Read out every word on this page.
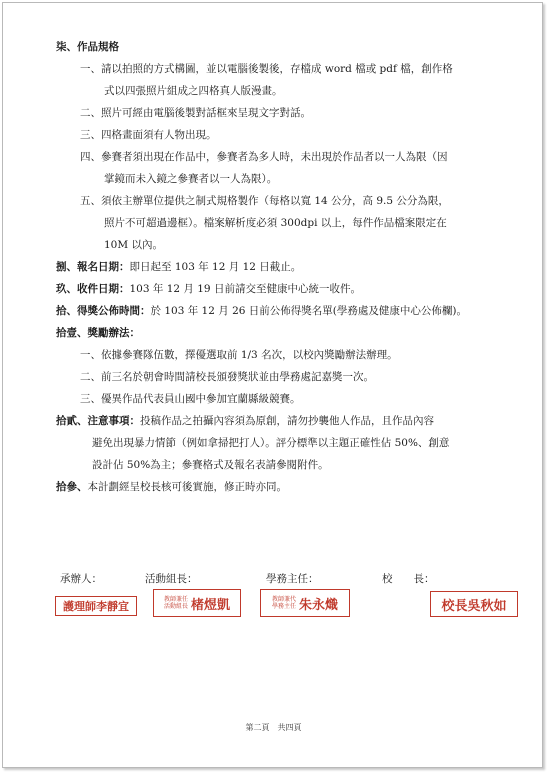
柒、作品規格
一、請以拍照的方式構圖，並以電腦後製後，存檔成 word 檔或 pdf 檔，創作格
式以四張照片組成之四格真人版漫畫。
二、照片可經由電腦後製對話框來呈現文字對話。
三、四格畫面須有人物出現。
四、參賽者須出現在作品中，參賽者為多人時，未出現於作品者以一人為限（因
掌鏡而未入鏡之參賽者以一人為限）。
五、須依主辦單位提供之制式規格製作（每格以寬 14 公分，高 9.5 公分為限，
照片不可超過邊框）。檔案解析度必須 300dpi 以上，每件作品檔案限定在
10M 以內。
捌、報名日期：即日起至 103 年 12 月 12 日截止。
玖、收件日期：103 年 12 月 19 日前請交至健康中心統一收件。
拾、得獎公佈時間：於 103 年 12 月 26 日前公佈得獎名單(學務處及健康中心公佈欄)。
拾壹、獎勵辦法：
一、依據參賽隊伍數，擇優選取前 1/3 名次，以校內獎勵辦法辦理。
二、前三名於朝會時間請校長頒發獎狀並由學務處記嘉獎一次。
三、優異作品代表員山國中參加宜蘭縣級競賽。
拾貳、注意事項：投稿作品之拍攝內容須為原創，請勿抄襲他人作品，且作品內容
避免出現暴力情節（例如拿掃把打人）。評分標準以主題正確性佔 50%、創意
設計佔 50%為主；參賽格式及報名表請參閱附件。
拾參、本計劃經呈校長核可後實施，修正時亦同。
承辦人：	活動組長：	學務主任：	校　　長：
護理師李靜宜
教師兼任
活動組長 楮煜凱	教師兼代
學務主任 朱永熾	校長吳秋如
第二頁　共四頁
